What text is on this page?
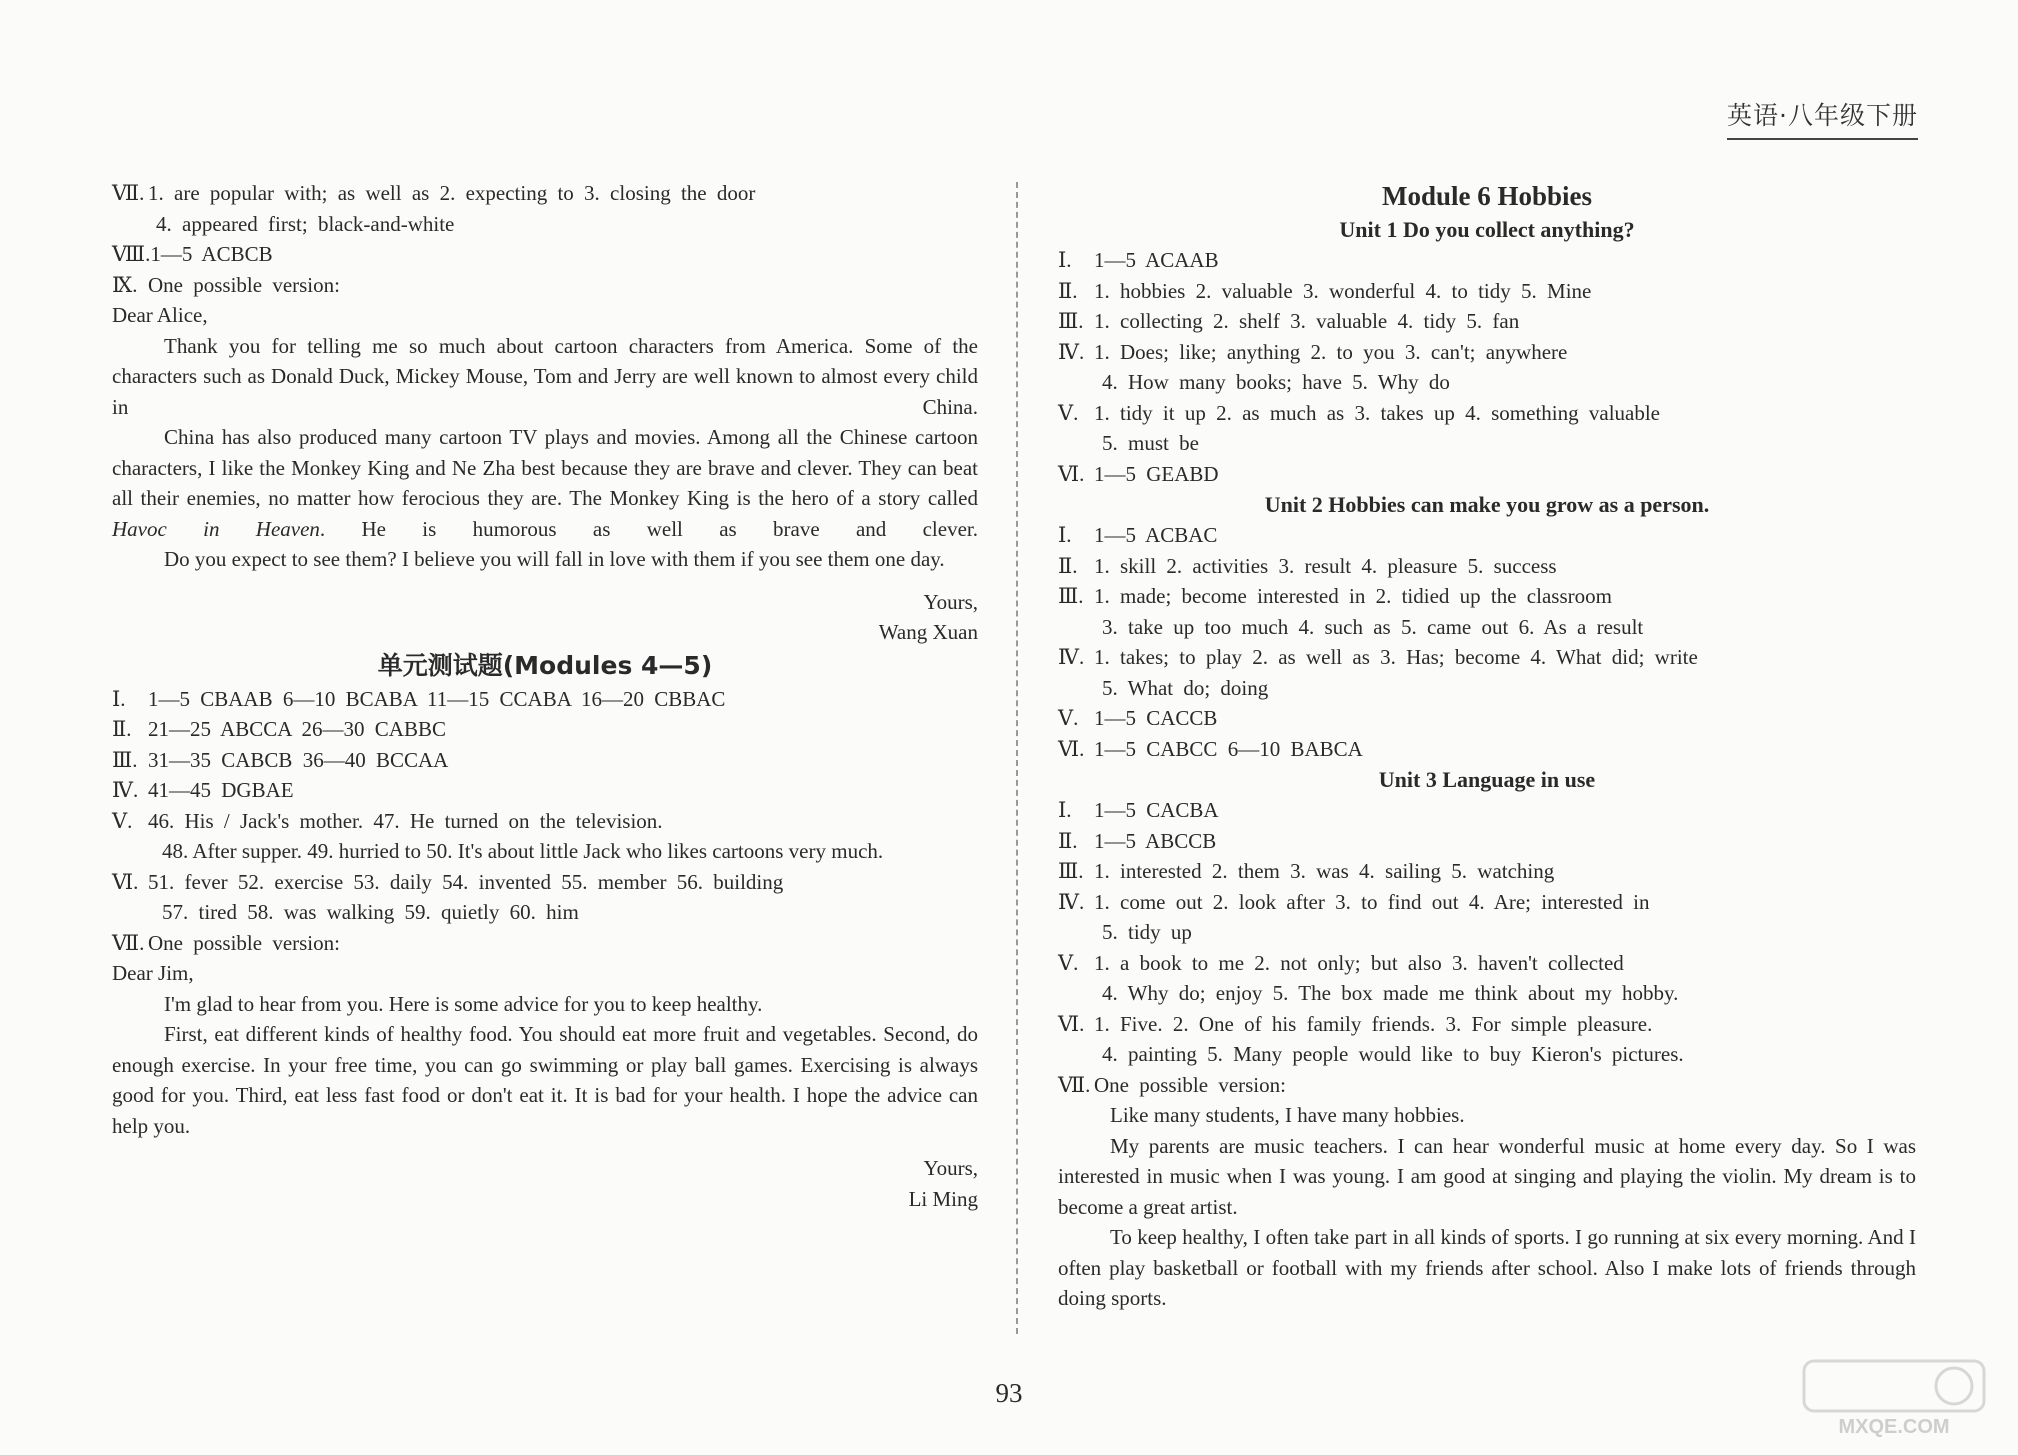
英语·八年级下册
Ⅶ. 1. are popular with; as well as 2. expecting to 3. closing the door
4. appeared first; black-and-white
Ⅷ.1—5 ACBCB
Ⅸ. One possible version:
Dear Alice,
Thank you for telling me so much about cartoon characters from America. Some of the characters such as Donald Duck, Mickey Mouse, Tom and Jerry are well known to almost every child in China.
China has also produced many cartoon TV plays and movies. Among all the Chinese cartoon characters, I like the Monkey King and Ne Zha best because they are brave and clever. They can beat all their enemies, no matter how ferocious they are. The Monkey King is the hero of a story called Havoc in Heaven. He is humorous as well as brave and clever.
Do you expect to see them? I believe you will fall in love with them if you see them one day.
Yours,
Wang Xuan
单元测试题(Modules 4—5)
Ⅰ. 1—5 CBAAB 6—10 BCABA 11—15 CCABA 16—20 CBBAC
Ⅱ. 21—25 ABCCA 26—30 CABBC
Ⅲ. 31—35 CABCB 36—40 BCCAA
Ⅳ. 41—45 DGBAE
Ⅴ. 46. His / Jack's mother. 47. He turned on the television.
48. After supper. 49. hurried to 50. It's about little Jack who likes cartoons very much.
Ⅵ. 51. fever 52. exercise 53. daily 54. invented 55. member 56. building
57. tired 58. was walking 59. quietly 60. him
Ⅶ. One possible version:
Dear Jim,
I'm glad to hear from you. Here is some advice for you to keep healthy.
First, eat different kinds of healthy food. You should eat more fruit and vegetables. Second, do enough exercise. In your free time, you can go swimming or play ball games. Exercising is always good for you. Third, eat less fast food or don't eat it. It is bad for your health. I hope the advice can help you.
Yours,
Li Ming
Module 6 Hobbies
Unit 1 Do you collect anything?
Ⅰ. 1—5 ACAAB
Ⅱ. 1. hobbies 2. valuable 3. wonderful 4. to tidy 5. Mine
Ⅲ. 1. collecting 2. shelf 3. valuable 4. tidy 5. fan
Ⅳ. 1. Does; like; anything 2. to you 3. can't; anywhere
4. How many books; have 5. Why do
Ⅴ. 1. tidy it up 2. as much as 3. takes up 4. something valuable
5. must be
Ⅵ. 1—5 GEABD
Unit 2 Hobbies can make you grow as a person.
Ⅰ. 1—5 ACBAC
Ⅱ. 1. skill 2. activities 3. result 4. pleasure 5. success
Ⅲ. 1. made; become interested in 2. tidied up the classroom
3. take up too much 4. such as 5. came out 6. As a result
Ⅳ. 1. takes; to play 2. as well as 3. Has; become 4. What did; write
5. What do; doing
Ⅴ. 1—5 CACCB
Ⅵ. 1—5 CABCC 6—10 BABCA
Unit 3 Language in use
Ⅰ. 1—5 CACBA
Ⅱ. 1—5 ABCCB
Ⅲ. 1. interested 2. them 3. was 4. sailing 5. watching
Ⅳ. 1. come out 2. look after 3. to find out 4. Are; interested in
5. tidy up
Ⅴ. 1. a book to me 2. not only; but also 3. haven't collected
4. Why do; enjoy 5. The box made me think about my hobby.
Ⅵ. 1. Five. 2. One of his family friends. 3. For simple pleasure.
4. painting 5. Many people would like to buy Kieron's pictures.
Ⅶ. One possible version:
Like many students, I have many hobbies.
My parents are music teachers. I can hear wonderful music at home every day. So I was interested in music when I was young. I am good at singing and playing the violin. My dream is to become a great artist.
To keep healthy, I often take part in all kinds of sports. I go running at six every morning. And I often play basketball or football with my friends after school. Also I make lots of friends through doing sports.
93
MXQE.COM
